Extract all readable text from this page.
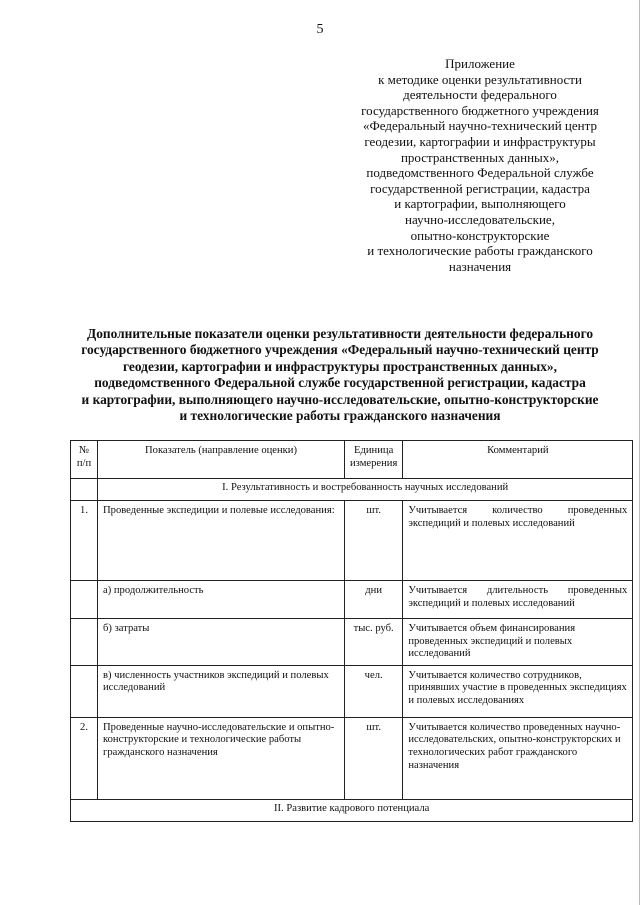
5
Приложение
к методике оценки результативности
деятельности федерального
государственного бюджетного учреждения
«Федеральный научно-технический центр
геодезии, картографии и инфраструктуры
пространственных данных»,
подведомственного Федеральной службе
государственной регистрации, кадастра
и картографии, выполняющего
научно-исследовательские,
опытно-конструкторские
и технологические работы гражданского
назначения
Дополнительные показатели оценки результативности деятельности федерального
государственного бюджетного учреждения «Федеральный научно-технический центр
геодезии, картографии и инфраструктуры пространственных данных»,
подведомственного Федеральной службе государственной регистрации, кадастра
и картографии, выполняющего научно-исследовательские, опытно-конструкторские
и технологические работы гражданского назначения
№ п/п	Показатель (направление оценки)	Единица измерения	Комментарий
	I. Результативность и востребованность научных исследований		
1.	Проведенные экспедиции и полевые исследования:	шт.	Учитывается количество проведенных экспедиций и полевых исследований
	а) продолжительность	дни	Учитывается длительность проведенных экспедиций и полевых исследований
	б) затраты	тыс. руб.	Учитывается объем финансирования проведенных экспедиций и полевых исследований
	в) численность участников экспедиций и полевых исследований	чел.	Учитывается количество сотрудников, принявших участие в проведенных экспедициях и полевых исследованиях
2.	Проведенные научно-исследовательские и опытно-конструкторские и технологические работы гражданского назначения	шт.	Учитывается количество проведенных научно-исследовательских, опытно-конструкторских и технологических работ гражданского назначения
II. Развитие кадрового потенциала			
